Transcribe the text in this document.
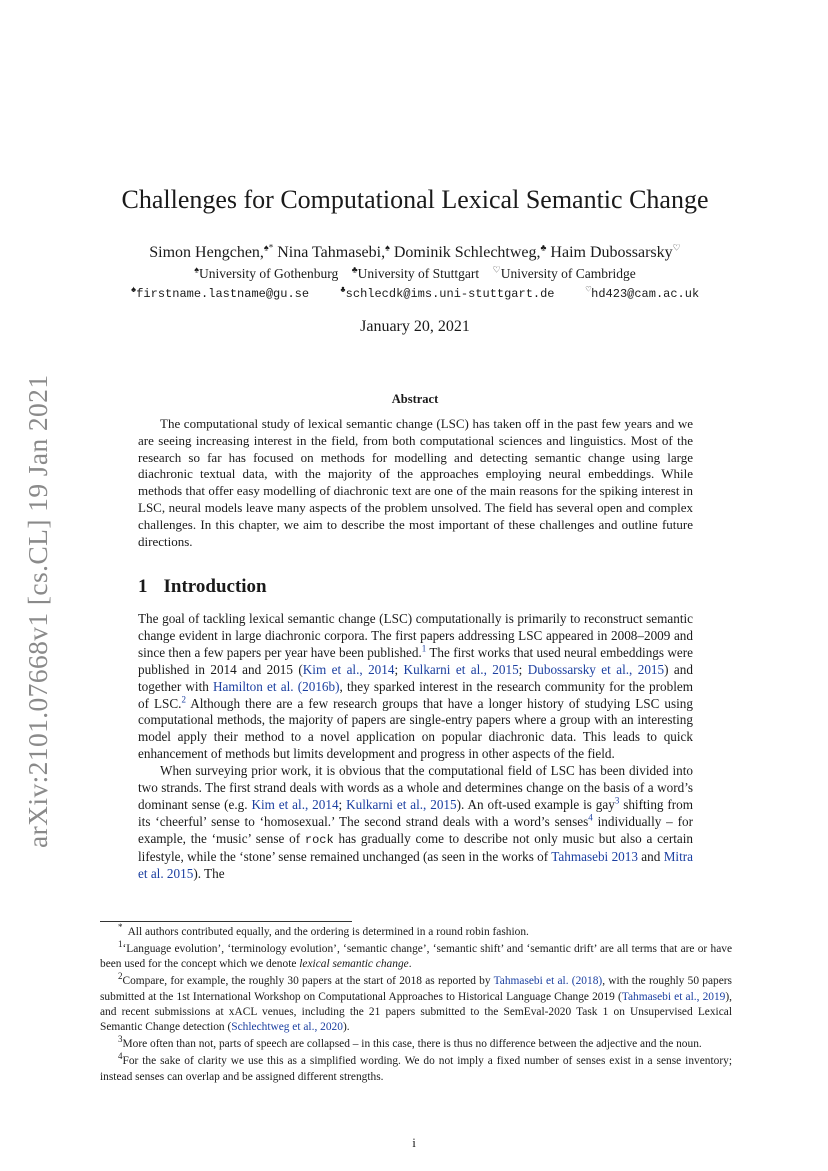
arXiv:2101.07668v1 [cs.CL] 19 Jan 2021
Challenges for Computational Lexical Semantic Change
Simon Hengchen,♠* Nina Tahmasebi,♠ Dominik Schlechtweg,♣ Haim Dubossarsky♡
♠University of Gothenburg ♣University of Stuttgart ♡University of Cambridge
♠firstname.lastname@gu.se	♣schlecdk@ims.uni-stuttgart.de	♡hd423@cam.ac.uk
January 20, 2021
Abstract

The computational study of lexical semantic change (LSC) has taken off in the past few years and we are seeing increasing interest in the field, from both computational sciences and linguistics. Most of the research so far has focused on methods for modelling and detecting semantic change using large diachronic textual data, with the majority of the approaches employing neural embeddings. While methods that offer easy modelling of diachronic text are one of the main reasons for the spiking interest in LSC, neural models leave many aspects of the problem unsolved. The field has several open and complex challenges. In this chapter, we aim to describe the most important of these challenges and outline future directions.

1 Introduction

The goal of tackling lexical semantic change (LSC) computationally is primarily to reconstruct semantic change evident in large diachronic corpora. The first papers addressing LSC appeared in 2008–2009 and since then a few papers per year have been published.$^1$ The first works that used neural embeddings were published in 2014 and 2015 (Kim et al., 2014; Kulkarni et al., 2015; Dubossarsky et al., 2015) and together with Hamilton et al. (2016b), they sparked interest in the research community for the problem of LSC.$^2$ Although there are a few research groups that have a longer history of studying LSC using computational methods, the majority of papers are single-entry papers where a group with an interesting model apply their method to a novel application on popular diachronic data. This leads to quick enhancement of methods but limits development and progress in other aspects of the field.

When surveying prior work, it is obvious that the computational field of LSC has been divided into two strands. The first strand deals with words as a whole and determines change on the basis of a word’s dominant sense (e.g. Kim et al., 2014; Kulkarni et al., 2015). An oft-used example is gay$^3$ shifting from its ‘cheerful’ sense to ‘homosexual.’ The second strand deals with a word’s senses$^4$ individually – for example, the ‘music’ sense of rock has gradually come to describe not only music but also a certain lifestyle, while the ‘stone’ sense remained unchanged (as seen in the works of Tahmasebi 2013 and Mitra et al. 2015). The

* All authors contributed equally, and the ordering is determined in a round robin fashion.

$^1$‘Language evolution’, ‘terminology evolution’, ‘semantic change’, ‘semantic shift’ and ‘semantic drift’ are all terms that are or have been used for the concept which we denote lexical semantic change.

$^2$Compare, for example, the roughly 30 papers at the start of 2018 as reported by Tahmasebi et al. (2018), with the roughly 50 papers submitted at the 1st International Workshop on Computational Approaches to Historical Language Change 2019 (Tahmasebi et al., 2019), and recent submissions at xACL venues, including the 21 papers submitted to the SemEval-2020 Task 1 on Unsupervised Lexical Semantic Change detection (Schlechtweg et al., 2020).

$^3$More often than not, parts of speech are collapsed – in this case, there is thus no difference between the adjective and the noun.

$^4$For the sake of clarity we use this as a simplified wording. We do not imply a fixed number of senses exist in a sense inventory; instead senses can overlap and be assigned different strengths.

i
